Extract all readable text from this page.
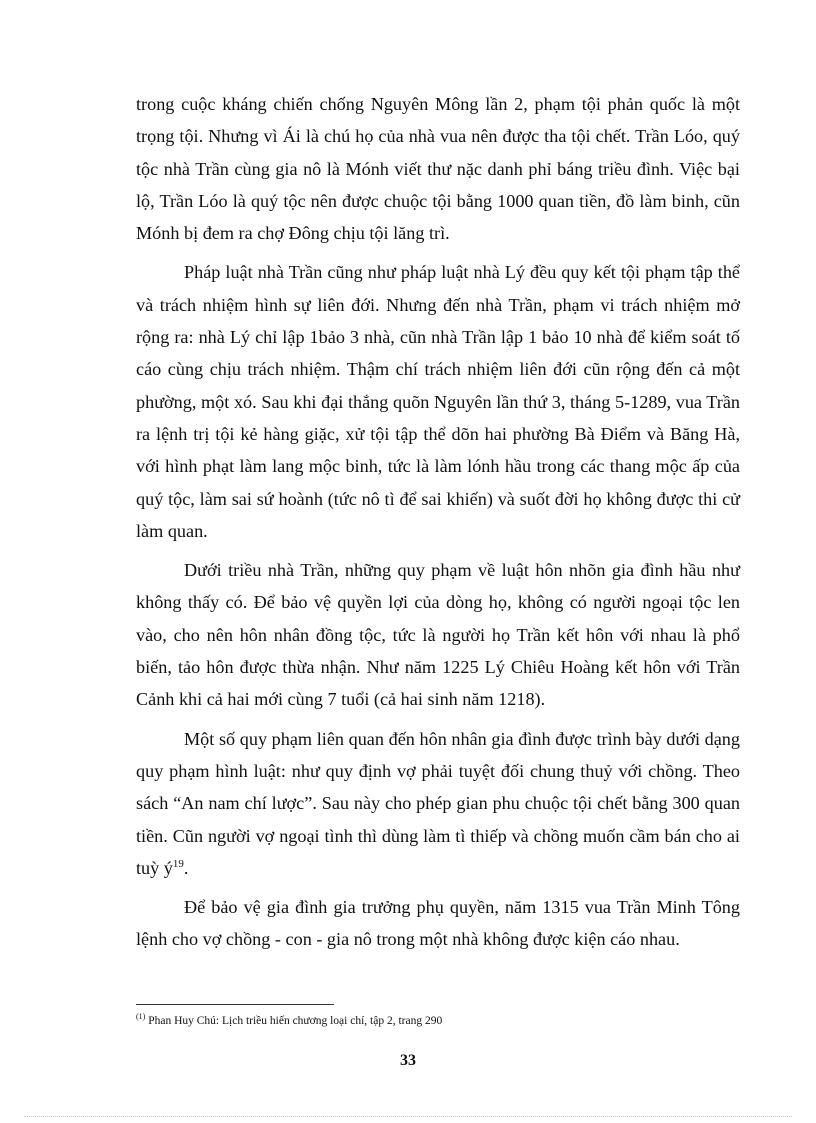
trong cuộc kháng chiến chống Nguyên Mông lần 2, phạm tội phản quốc là một trọng tội. Nhưng vì Ái là chú họ của nhà vua nên được tha tội chết. Trần Lóo, quý tộc nhà Trần cùng gia nô là Mónh viết thư nặc danh phỉ báng triều đình. Việc bại lộ, Trần Lóo là quý tộc nên được chuộc tội bằng 1000 quan tiền, đồ làm binh, cũn Mónh bị đem ra chợ Đông chịu tội lăng trì.

Pháp luật nhà Trần cũng như pháp luật nhà Lý đều quy kết tội phạm tập thể và trách nhiệm hình sự liên đới. Nhưng đến nhà Trần, phạm vi trách nhiệm mở rộng ra: nhà Lý chỉ lập 1bảo 3 nhà, cũn nhà Trần lập 1 bảo 10 nhà để kiểm soát tố cáo cùng chịu trách nhiệm. Thậm chí trách nhiệm liên đới cũn rộng đến cả một phường, một xó. Sau khi đại thắng quõn Nguyên lần thứ 3, tháng 5-1289, vua Trần ra lệnh trị tội kẻ hàng giặc, xử tội tập thể dõn hai phường Bà Điểm và Băng Hà, với hình phạt làm lang mộc binh, tức là làm lónh hầu trong các thang mộc ấp của quý tộc, làm sai sứ hoành (tức nô tì để sai khiến) và suốt đời họ không được thi cử làm quan.

Dưới triều nhà Trần, những quy phạm về luật hôn nhõn gia đình hầu như không thấy có. Để bảo vệ quyền lợi của dòng họ, không có người ngoại tộc len vào, cho nên hôn nhân đồng tộc, tức là người họ Trần kết hôn với nhau là phổ biến, tảo hôn được thừa nhận. Như năm 1225 Lý Chiêu Hoàng kết hôn với Trần Cảnh khi cả hai mới cùng 7 tuổi (cả hai sinh năm 1218).

Một số quy phạm liên quan đến hôn nhân gia đình được trình bày dưới dạng quy phạm hình luật: như quy định vợ phải tuyệt đối chung thuỷ với chồng. Theo sách “An nam chí lược”. Sau này cho phép gian phu chuộc tội chết bằng 300 quan tiền. Cũn người vợ ngoại tình thì dùng làm tì thiếp và chồng muốn cầm bán cho ai tuỳ ý$^{19}$.

Để bảo vệ gia đình gia trưởng phụ quyền, năm 1315 vua Trần Minh Tông lệnh cho vợ chồng - con - gia nô trong một nhà không được kiện cáo nhau.

$^{(1)}$ Phan Huy Chú: Lịch triều hiến chương loại chí, tập 2, trang 290
33
